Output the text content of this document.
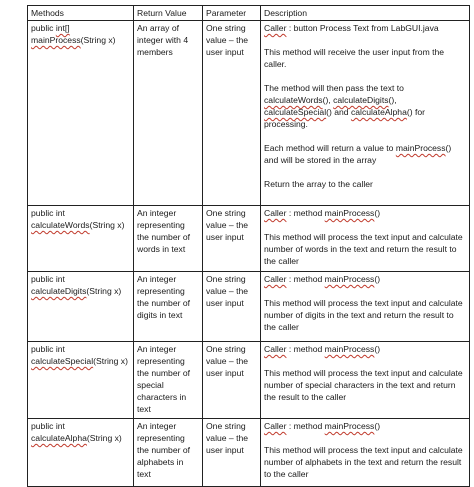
Methods	Return Value	Parameter	Description
public int[]
mainProcess(String x)	An array of integer with 4 members	One string value – the user input	Caller : button Process Text from LabGUI.java
This method will receive the user input from the caller.
The method will then pass the text to calculateWords(), calculateDigits(), calculateSpecial() and calculateAlpha() for processing.
Each method will return a value to mainProcess() and will be stored in the array
Return the array to the caller

public int
calculateWords(String x)	An integer representing the number of words in text	One string value – the user input	Caller : method mainProcess()
This method will process the text input and calculate number of words in the text and return the result to the caller

public int
calculateDigits(String x)	An integer representing the number of digits in text	One string value – the user input	Caller : method mainProcess()
This method will process the text input and calculate number of digits in the text and return the result to the caller

public int
calculateSpecial(String x)	An integer representing the number of special characters in text	One string value – the user input	Caller : method mainProcess()
This method will process the text input and calculate number of special characters in the text and return the result to the caller

public int
calculateAlpha(String x)	An integer representing the number of alphabets in text	One string value – the user input	Caller : method mainProcess()
This method will process the text input and calculate number of alphabets in the text and return the result to the caller
